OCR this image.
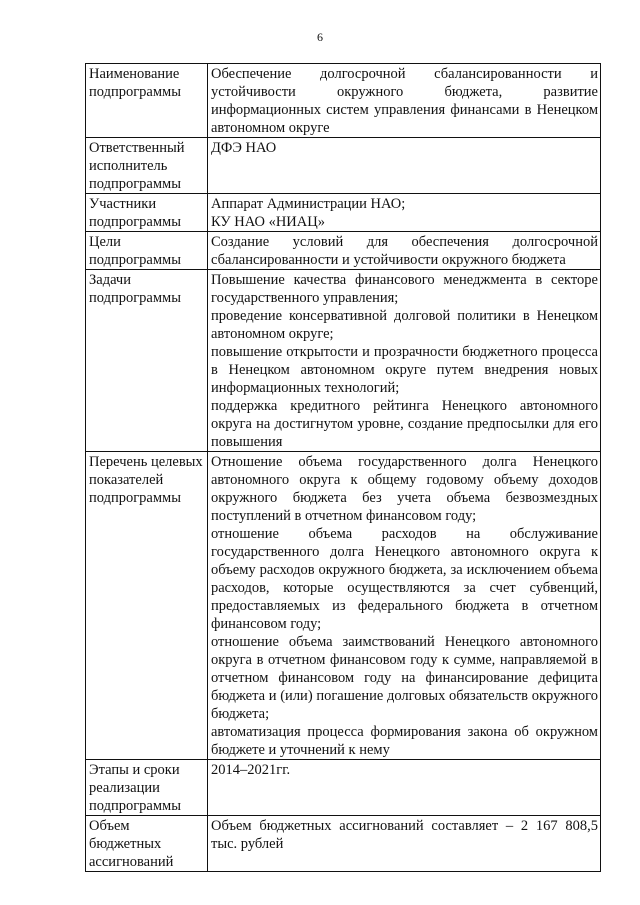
6
Наименование подпрограммы	Обеспечение долгосрочной сбалансированности и устойчивости окружного бюджета, развитие информационных систем управления финансами в Ненецком автономном округе

Ответственный исполнитель подпрограммы	ДФЭ НАО

Участники подпрограммы	Аппарат Администрации НАО;
КУ НАО «НИАЦ»

Цели подпрограммы	Создание условий для обеспечения долгосрочной сбалансированности и устойчивости окружного бюджета

Задачи подпрограммы	Повышение качества финансового менеджмента в секторе государственного управления;
проведение консервативной долговой политики в Ненецком автономном округе;
повышение открытости и прозрачности бюджетного процесса в Ненецком автономном округе путем внедрения новых информационных технологий;
поддержка кредитного рейтинга Ненецкого автономного округа на достигнутом уровне, создание предпосылки для его повышения

Перечень целевых показателей подпрограммы	Отношение объема государственного долга Ненецкого автономного округа к общему годовому объему доходов окружного бюджета без учета объема безвозмездных поступлений в отчетном финансовом году;
отношение объема расходов на обслуживание государственного долга Ненецкого автономного округа к объему расходов окружного бюджета, за исключением объема расходов, которые осуществляются за счет субвенций, предоставляемых из федерального бюджета в отчетном финансовом году;
отношение объема заимствований Ненецкого автономного округа в отчетном финансовом году к сумме, направляемой в отчетном финансовом году на финансирование дефицита бюджета и (или) погашение долговых обязательств окружного бюджета;
автоматизация процесса формирования закона об окружном бюджете и уточнений к нему

Этапы и сроки реализации подпрограммы	2014–2021гг.

Объем бюджетных ассигнований	Объем бюджетных ассигнований составляет – 2 167 808,5 тыс. рублей
